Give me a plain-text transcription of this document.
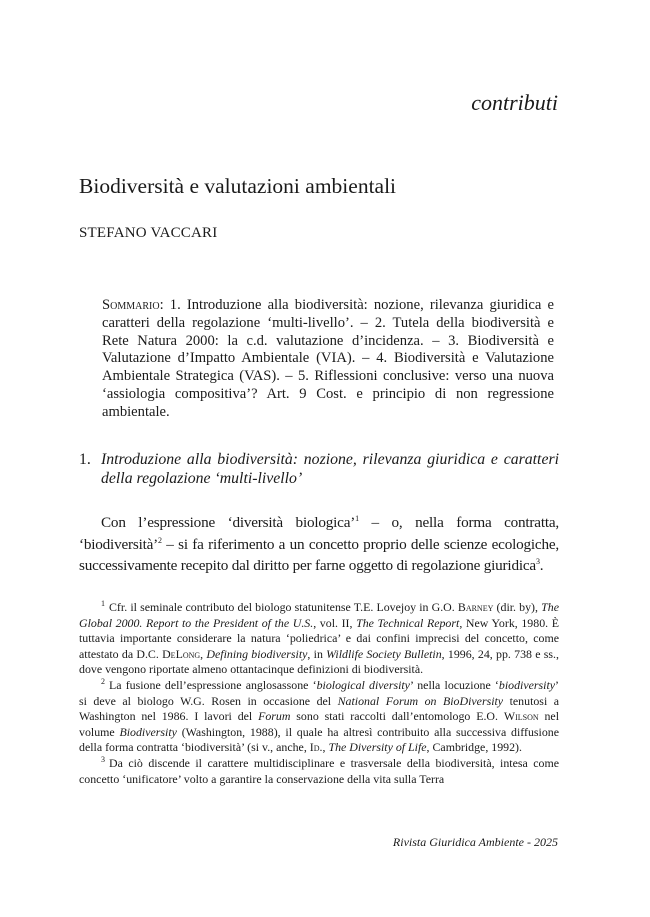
contributi
Biodiversità e valutazioni ambientali
STEFANO VACCARI

Sommario: 1. Introduzione alla biodiversità: nozione, rilevanza giuridica e caratteri della regolazione ‘multi-livello’. – 2. Tutela della biodiversità e Rete Natura 2000: la c.d. valutazione d’incidenza. – 3. Biodiversità e Valutazione d’Impatto Ambientale (VIA). – 4. Biodiversità e Valutazione Ambientale Strategica (VAS). – 5. Riflessioni conclusive: verso una nuova ‘assiologia compositiva’? Art. 9 Cost. e principio di non regressione ambientale.

1. Introduzione alla biodiversità: nozione, rilevanza giuridica e caratteri della regolazione ‘multi-livello’

Con l’espressione ‘diversità biologica’$^1$ – o, nella forma contratta, ‘biodiversità’$^2$ – si fa riferimento a un concetto proprio delle scienze ecologiche, successivamente recepito dal diritto per farne oggetto di regolazione giuridica$^3$.

$^1$ Cfr. il seminale contributo del biologo statunitense T.E. Lovejoy in G.O. Barney (dir. by), The Global 2000. Report to the President of the U.S., vol. II, The Technical Report, New York, 1980. È tuttavia importante considerare la natura ‘poliedrica’ e dai confini imprecisi del concetto, come attestato da D.C. DeLong, Defining biodiversity, in Wildlife Society Bulletin, 1996, 24, pp. 738 e ss., dove vengono riportate almeno ottantacinque definizioni di biodiversità.

$^2$ La fusione dell’espressione anglosassone ‘biological diversity’ nella locuzione ‘biodiversity’ si deve al biologo W.G. Rosen in occasione del National Forum on BioDiversity tenutosi a Washington nel 1986. I lavori del Forum sono stati raccolti dall’entomologo E.O. Wilson nel volume Biodiversity (Washington, 1988), il quale ha altresì contribuito alla successiva diffusione della forma contratta ‘biodiversità’ (si v., anche, Id., The Diversity of Life, Cambridge, 1992).

$^3$ Da ciò discende il carattere multidisciplinare e trasversale della biodiversità, intesa come concetto ‘unificatore’ volto a garantire la conservazione della vita sulla Terra

Rivista Giuridica Ambiente - 2025
